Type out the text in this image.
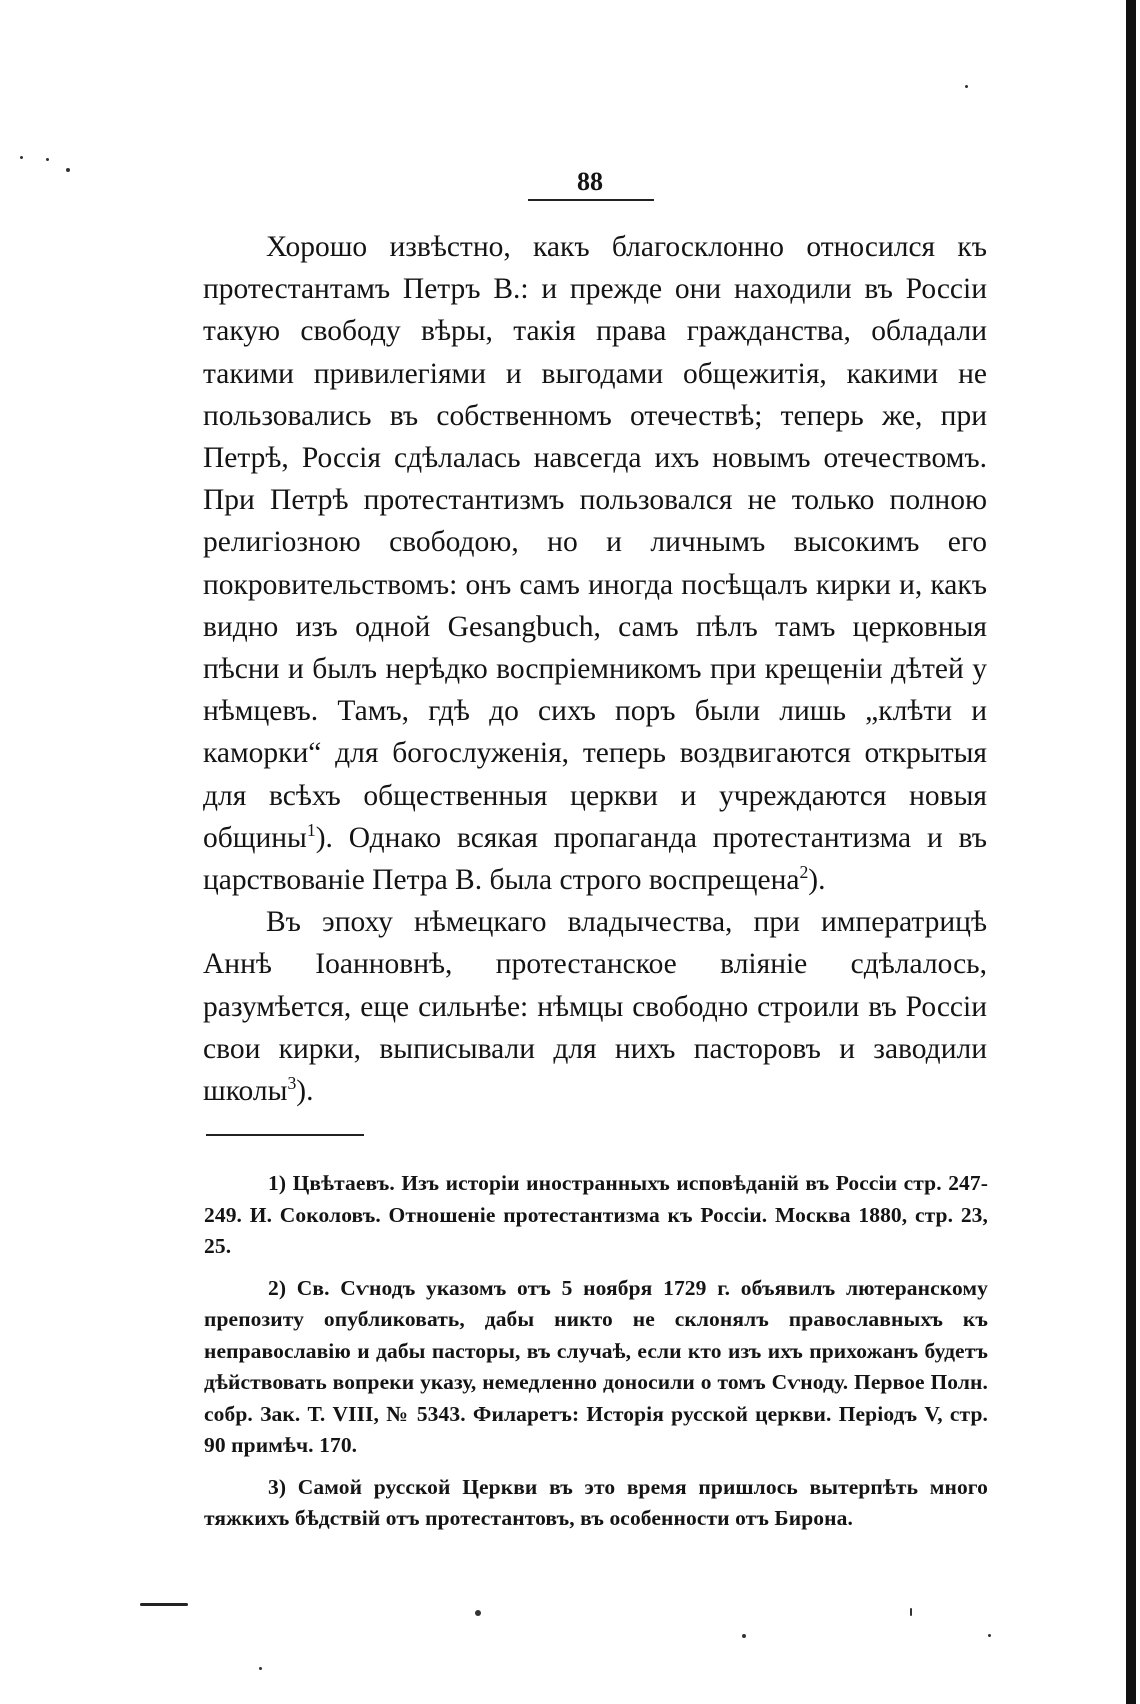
88

Хорошо извѣстно, какъ благосклонно относился къ протестантамъ Петръ В.: и прежде они находили въ Россіи такую свободу вѣры, такія права гражданства, обладали такими привилегіями и выгодами общежитія, какими не пользовались въ собственномъ отечествѣ; теперь же, при Петрѣ, Россія сдѣлалась навсегда ихъ новымъ отечествомъ. При Петрѣ протестантизмъ пользовался не только полною религіозною свободою, но и личнымъ высокимъ его покровительствомъ: онъ самъ иногда посѣщалъ кирки и, какъ видно изъ одной Gesangbuch, самъ пѣлъ тамъ церковныя пѣсни и былъ нерѣдко воспріемникомъ при крещеніи дѣтей у нѣмцевъ. Тамъ, гдѣ до сихъ поръ были лишь „клѣти и каморки“ для богослуженія, теперь воздвигаются открытыя для всѣхъ общественныя церкви и учреждаются новыя общины$^1$). Однако всякая пропаганда протестантизма и въ царствованіе Петра В. была строго воспрещена$^2$).

Въ эпоху нѣмецкаго владычества, при императрицѣ Аннѣ Іоанновнѣ, протестанское вліяніе сдѣлалось, разумѣется, еще сильнѣе: нѣмцы свободно строили въ Россіи свои кирки, выписывали для нихъ пасторовъ и заводили школы$^3$).

1) Цвѣтаевъ. Изъ исторіи иностранныхъ исповѣданій въ Россіи стр. 247-249. И. Соколовъ. Отношеніе протестантизма къ Россіи. Москва 1880, стр. 23, 25.

2) Св. Сѵнодъ указомъ отъ 5 ноября 1729 г. объявилъ лютеранскому препозиту опубликовать, дабы никто не склонялъ православныхъ къ неправославію и дабы пасторы, въ случаѣ, если кто изъ ихъ прихожанъ будетъ дѣйствовать вопреки указу, немедленно доносили о томъ Сѵноду. Первое Полн. собр. Зак. Т. VIII, № 5343. Филаретъ: Исторія русской церкви. Періодъ V, стр. 90 примѣч. 170.

3) Самой русской Церкви въ это время пришлось вытерпѣть много тяжкихъ бѣдствій отъ протестантовъ, въ особенности отъ Бирона.
